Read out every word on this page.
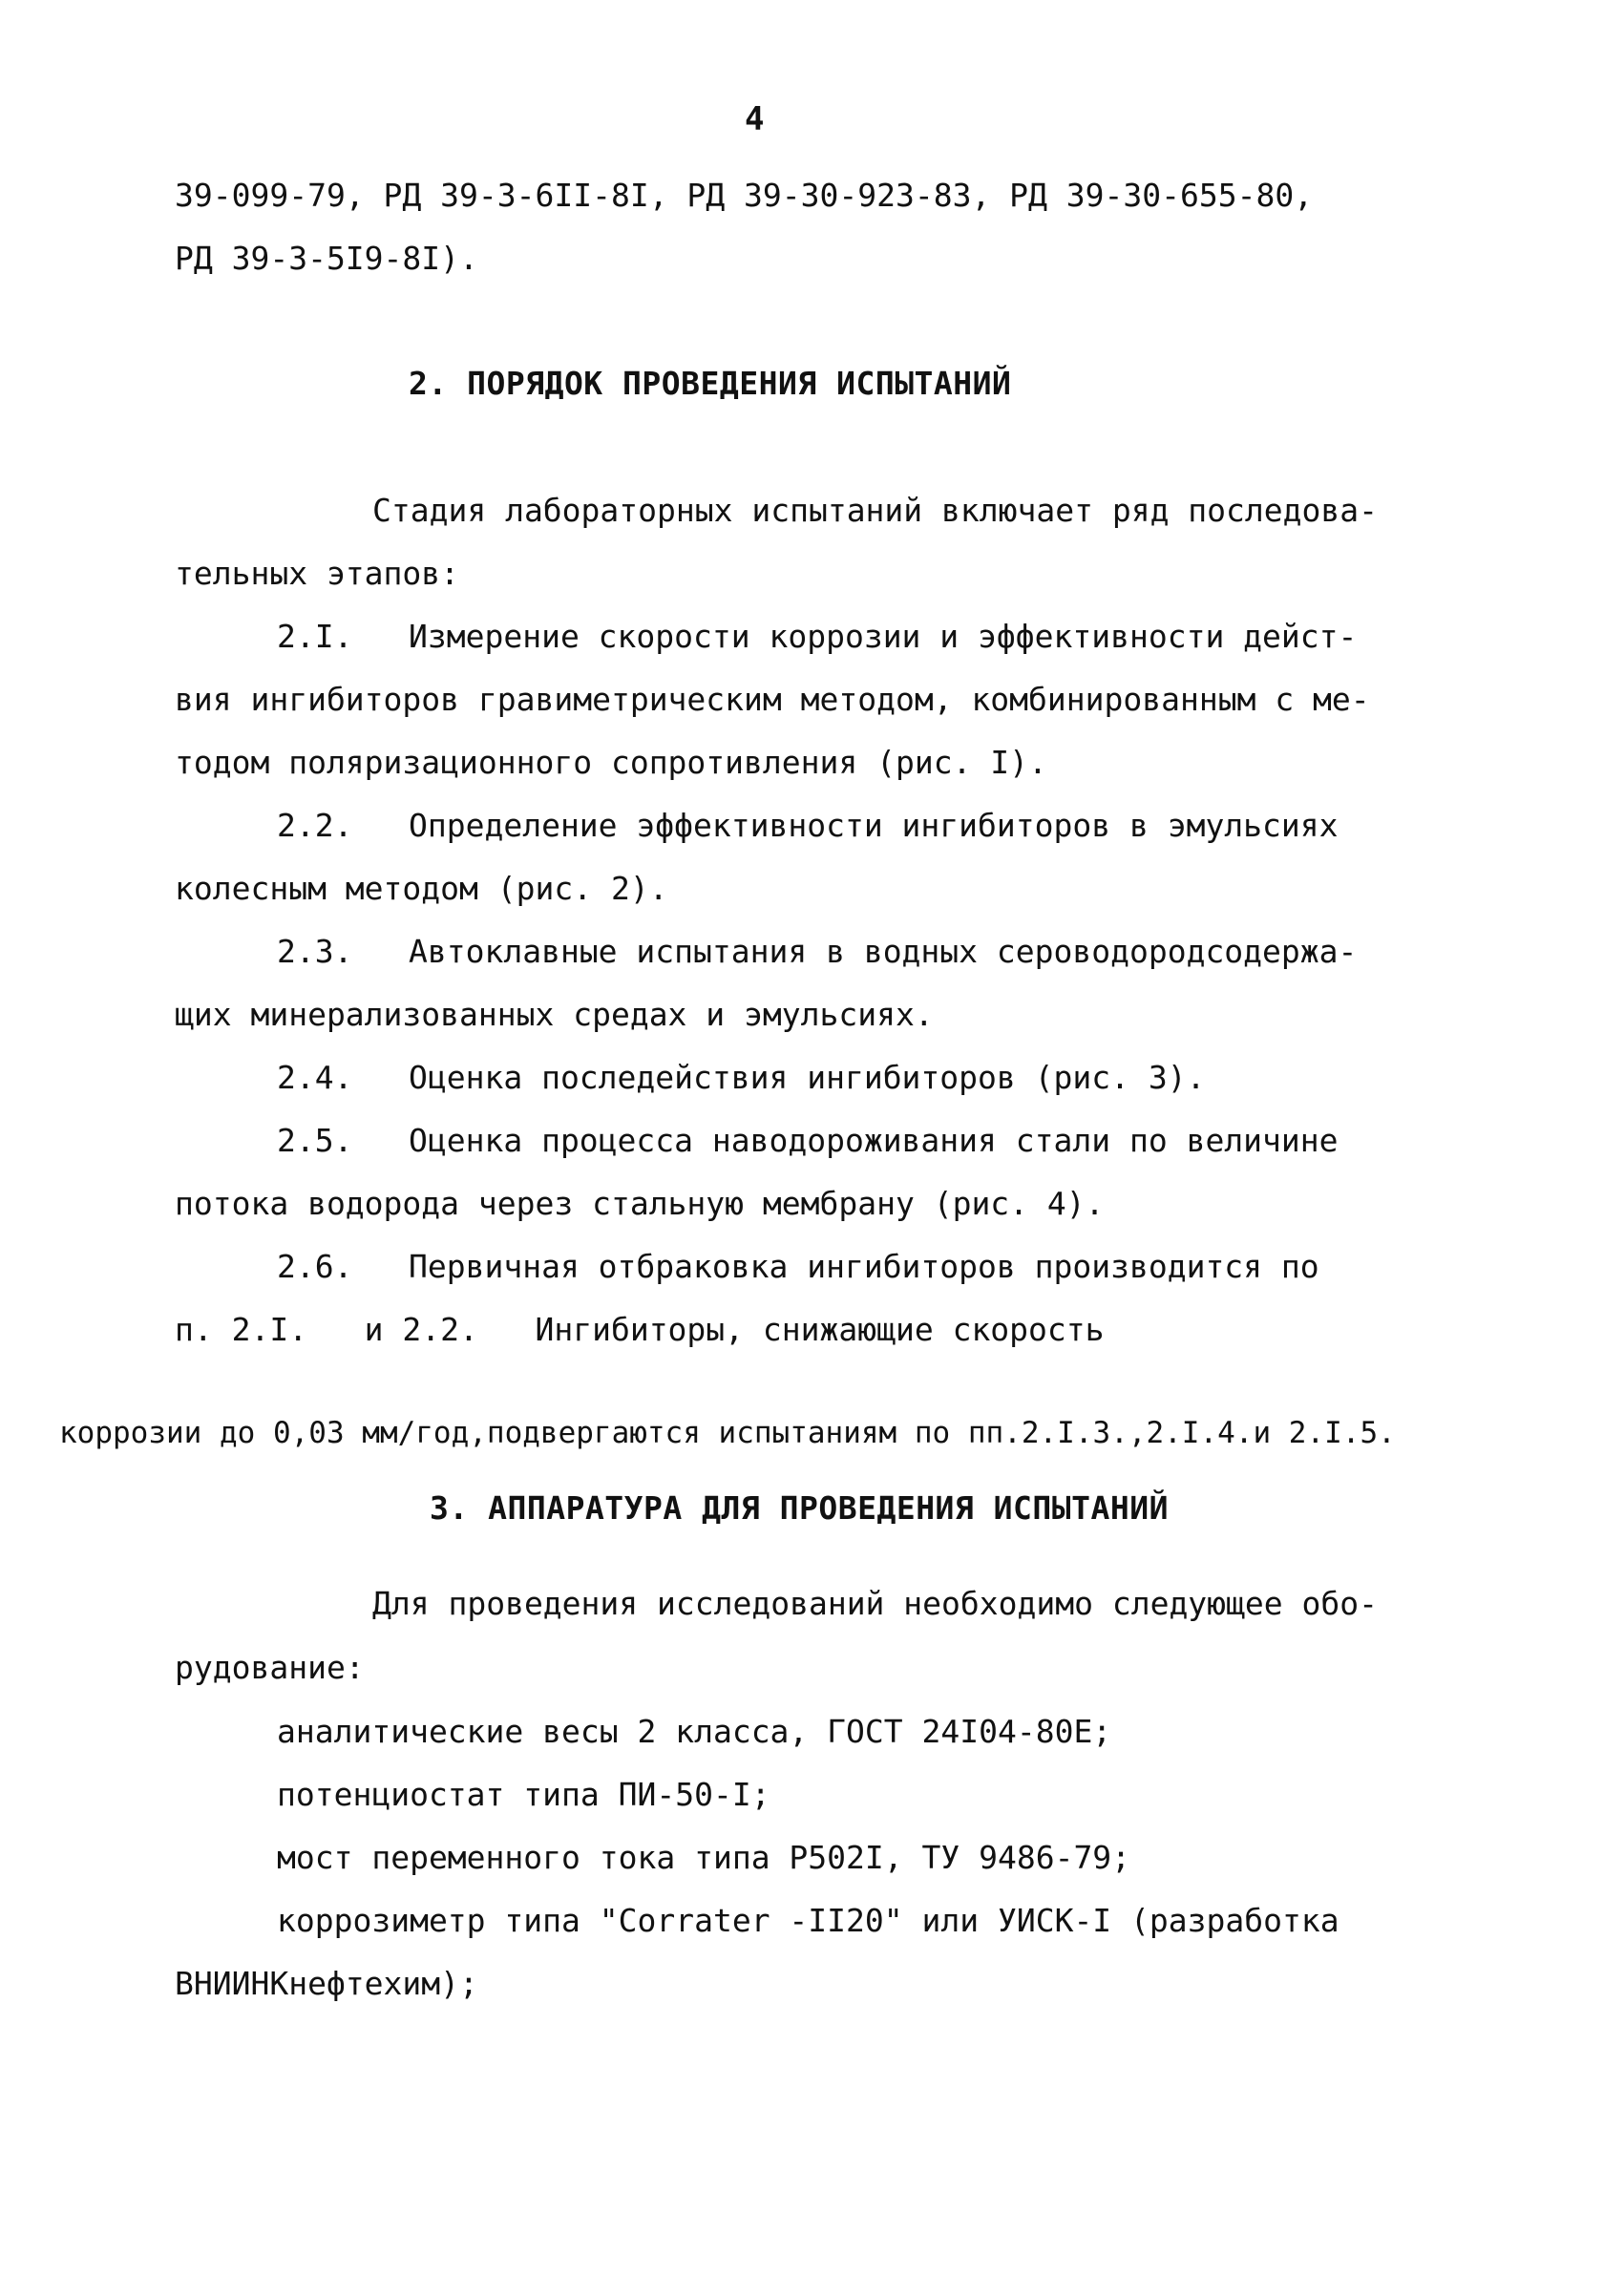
4
39-099-79, РД 39-3-6II-8I, РД 39-30-923-83, РД 39-30-655-80,
РД 39-3-5I9-8I).
2. ПОРЯДОК ПРОВЕДЕНИЯ ИСПЫТАНИЙ
Стадия лабораторных испытаний включает ряд последова-
тельных этапов:
2.I. Измерение скорости коррозии и эффективности дейст-
вия ингибиторов гравиметрическим методом, комбинированным с ме-
тодом поляризационного сопротивления (рис. I).
2.2. Определение эффективности ингибиторов в эмульсиях
колесным методом (рис. 2).
2.3. Автоклавные испытания в водных сероводородсодержа-
щих минерализованных средах и эмульсиях.
2.4. Оценка последействия ингибиторов (рис. 3).
2.5. Оценка процесса наводороживания стали по величине
потока водорода через стальную мембрану (рис. 4).
2.6. Первичная отбраковка ингибиторов производится по
п. 2.I.   и 2.2.   Ингибиторы, снижающие скорость
коррозии до 0,03 мм/год,подвергаются испытаниям по пп.2.I.3.,2.I.4.и 2.I.5.
3. АППАРАТУРА ДЛЯ ПРОВЕДЕНИЯ ИСПЫТАНИЙ
Для проведения исследований необходимо следующее обо-
рудование:
аналитические весы 2 класса, ГОСТ 24I04-80Е;
потенциостат типа ПИ-50-I;
мост переменного тока типа Р502I, ТУ 9486-79;
коррозиметр типа "Corrater -II20" или УИСК-I (разработка
ВНИИНКнефтехим);
